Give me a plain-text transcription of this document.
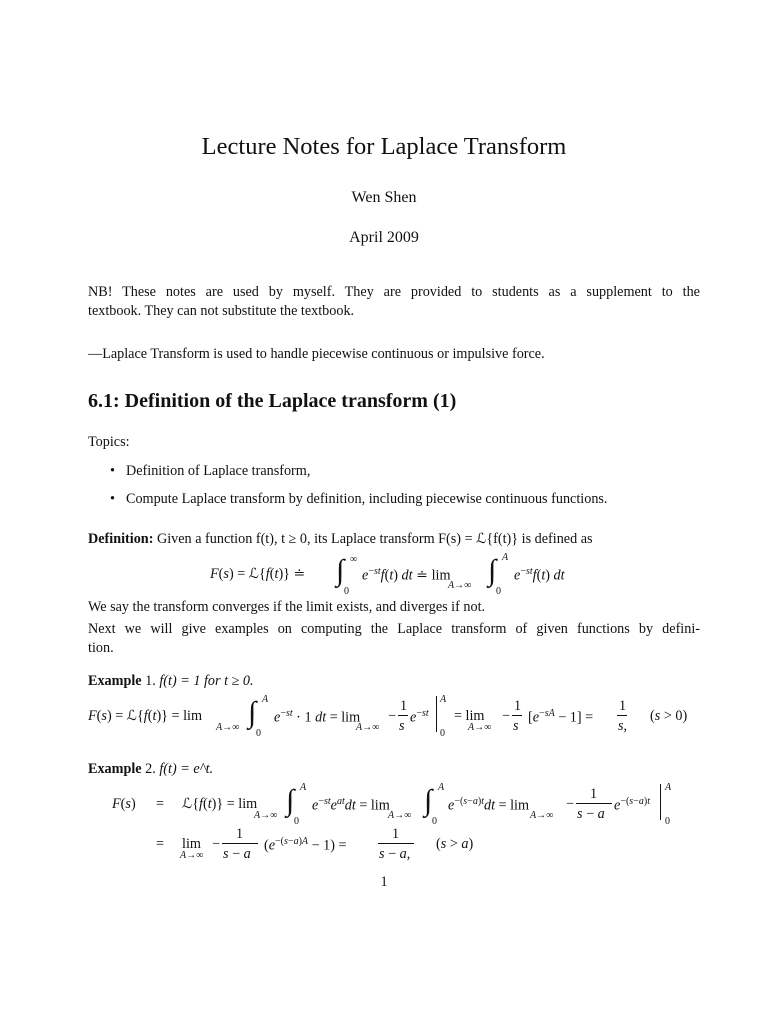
Lecture Notes for Laplace Transform
Wen Shen
April 2009
NB! These notes are used by myself. They are provided to students as a supplement to the
textbook. They can not substitute the textbook.
—Laplace Transform is used to handle piecewise continuous or impulsive force.
6.1: Definition of the Laplace transform (1)
Topics:
• Definition of Laplace transform,
• Compute Laplace transform by definition, including piecewise continuous functions.
Definition: Given a function f(t), t ≥ 0, its Laplace transform F(s) = ℒ{f(t)} is defined as
F(s) = ℒ{f(t)} ≐ ∫ ∞
0
$e^{-st}f(t)$ dt ≐ lim
A→∞ ∫ A
0
$e^{-st}f(t)$ dt
We say the transform converges if the limit exists, and diverges if not.
Next we will give examples on computing the Laplace transform of given functions by defini-
tion.
Example 1. f(t) = 1 for t ≥ 0.
F(s) = ℒ{f(t)} = lim
A→∞ ∫ A
0
$e^{-st} \cdot 1$ dt = lim
A→∞
−
1
s
$e^{-st}$
A
0
= lim
A→∞
−
1
s
$[e^{-sA} - 1]$ =
1
s,
(s > 0)
Example 2. f(t) = e^t.
F(s) = ℒ{f(t)} = lim
A→∞ ∫ A
0
$e^{-st}e^{at}dt = \lim$
A→∞ ∫ A
0
$e^{-(s-a)t}dt = \lim$
A→∞
−
1
s − a
$e^{-(s-a)t}$
A
0
= lim
A→∞
−
1
s − a
$(e^{-(s-a)A} - 1)$ =
1
s − a,
(s > a)
1
